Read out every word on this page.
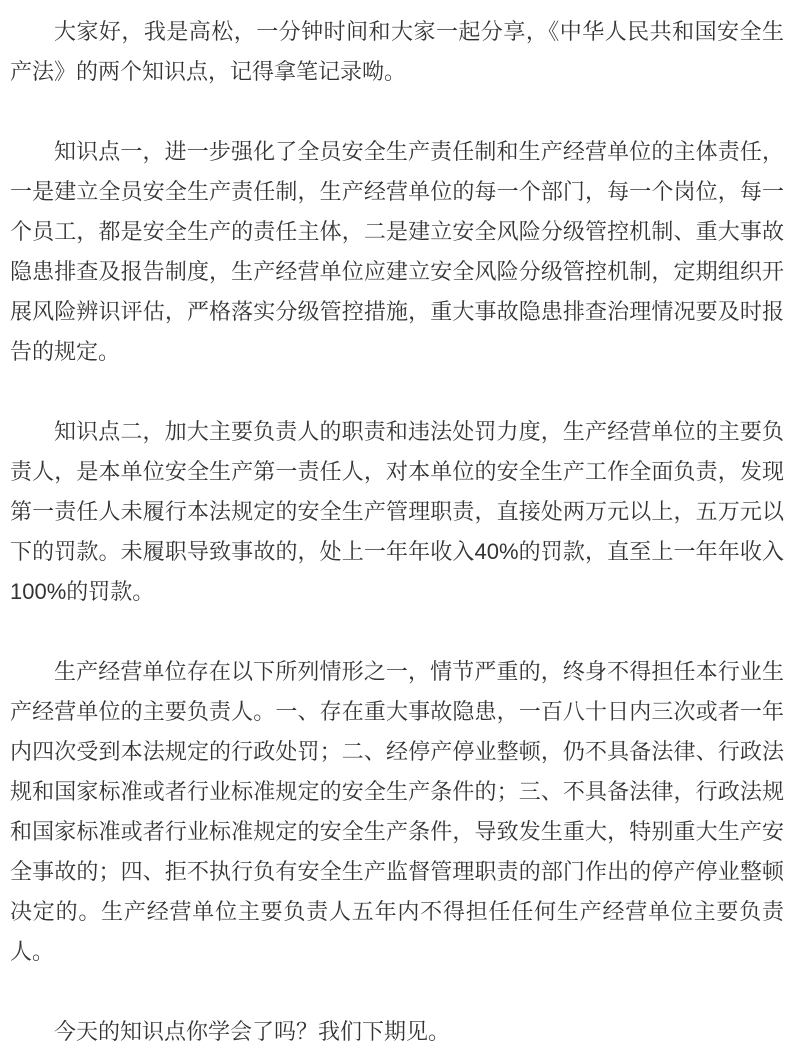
大家好，我是高松，一分钟时间和大家一起分享，《中华人民共和国安全生产法》的两个知识点，记得拿笔记录呦。

知识点一，进一步强化了全员安全生产责任制和生产经营单位的主体责任，一是建立全员安全生产责任制，生产经营单位的每一个部门，每一个岗位，每一个员工，都是安全生产的责任主体，二是建立安全风险分级管控机制、重大事故隐患排查及报告制度，生产经营单位应建立安全风险分级管控机制，定期组织开展风险辨识评估，严格落实分级管控措施，重大事故隐患排查治理情况要及时报告的规定。

知识点二，加大主要负责人的职责和违法处罚力度，生产经营单位的主要负责人，是本单位安全生产第一责任人，对本单位的安全生产工作全面负责，发现第一责任人未履行本法规定的安全生产管理职责，直接处两万元以上，五万元以下的罚款。未履职导致事故的，处上一年年收入40%的罚款，直至上一年年收入100%的罚款。

生产经营单位存在以下所列情形之一，情节严重的，终身不得担任本行业生产经营单位的主要负责人。一、存在重大事故隐患，一百八十日内三次或者一年内四次受到本法规定的行政处罚；二、经停产停业整顿，仍不具备法律、行政法规和国家标准或者行业标准规定的安全生产条件的；三、不具备法律，行政法规和国家标准或者行业标准规定的安全生产条件，导致发生重大，特别重大生产安全事故的；四、拒不执行负有安全生产监督管理职责的部门作出的停产停业整顿决定的。生产经营单位主要负责人五年内不得担任任何生产经营单位主要负责人。

今天的知识点你学会了吗？我们下期见。
